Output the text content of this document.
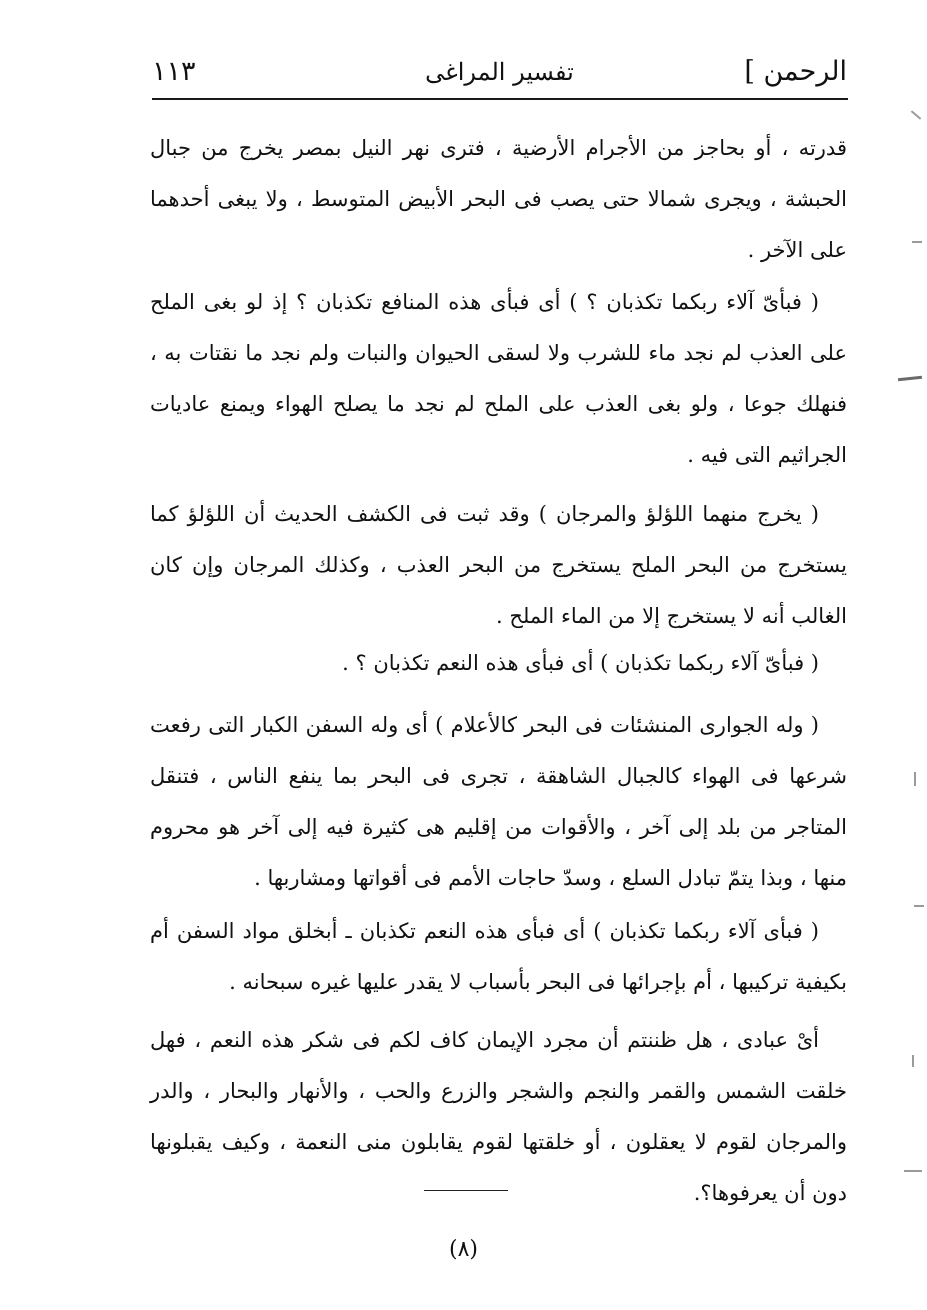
الرحمن ]
تفسير المراغى
١١٣

قدرته ، أو بحاجز من الأجرام الأرضية ، فترى نهر النيل بمصر يخرج من جبال الحبشة ، ويجرى شمالا حتى يصب فى البحر الأبيض المتوسط ، ولا يبغى أحدهما على الآخر .

( فبأىّ آلاء ربكما تكذبان ؟ ) أى فبأى هذه المنافع تكذبان ؟ إذ لو بغى الملح على العذب لم نجد ماء للشرب ولا لسقى الحيوان والنبات ولم نجد ما نقتات به ، فنهلك جوعا ، ولو بغى العذب على الملح لم نجد ما يصلح الهواء ويمنع عاديات الجراثيم التى فيه .

( يخرج منهما اللؤلؤ والمرجان ) وقد ثبت فى الكشف الحديث أن اللؤلؤ كما يستخرج من البحر الملح يستخرج من البحر العذب ، وكذلك المرجان وإن كان الغالب أنه لا يستخرج إلا من الماء الملح .

( فبأىّ آلاء ربكما تكذبان ) أى فبأى هذه النعم تكذبان ؟ .

( وله الجوارى المنشئات فى البحر كالأعلام ) أى وله السفن الكبار التى رفعت شرعها فى الهواء كالجبال الشاهقة ، تجرى فى البحر بما ينفع الناس ، فتنقل المتاجر من بلد إلى آخر ، والأقوات من إقليم هى كثيرة فيه إلى آخر هو محروم منها ، وبذا يتمّ تبادل السلع ، وسدّ حاجات الأمم فى أقواتها ومشاربها .

( فبأى آلاء ربكما تكذبان ) أى فبأى هذه النعم تكذبان ـ أبخلق مواد السفن أم بكيفية تركيبها ، أم بإجرائها فى البحر بأسباب لا يقدر عليها غيره سبحانه .

أىْ عبادى ، هل ظننتم أن مجرد الإيمان كاف لكم فى شكر هذه النعم ، فهل خلقت الشمس والقمر والنجم والشجر والزرع والحب ، والأنهار والبحار ، والدر والمرجان لقوم لا يعقلون ، أو خلقتها لقوم يقابلون منى النعمة ، وكيف يقبلونها دون أن يعرفوها؟.

(٨)
